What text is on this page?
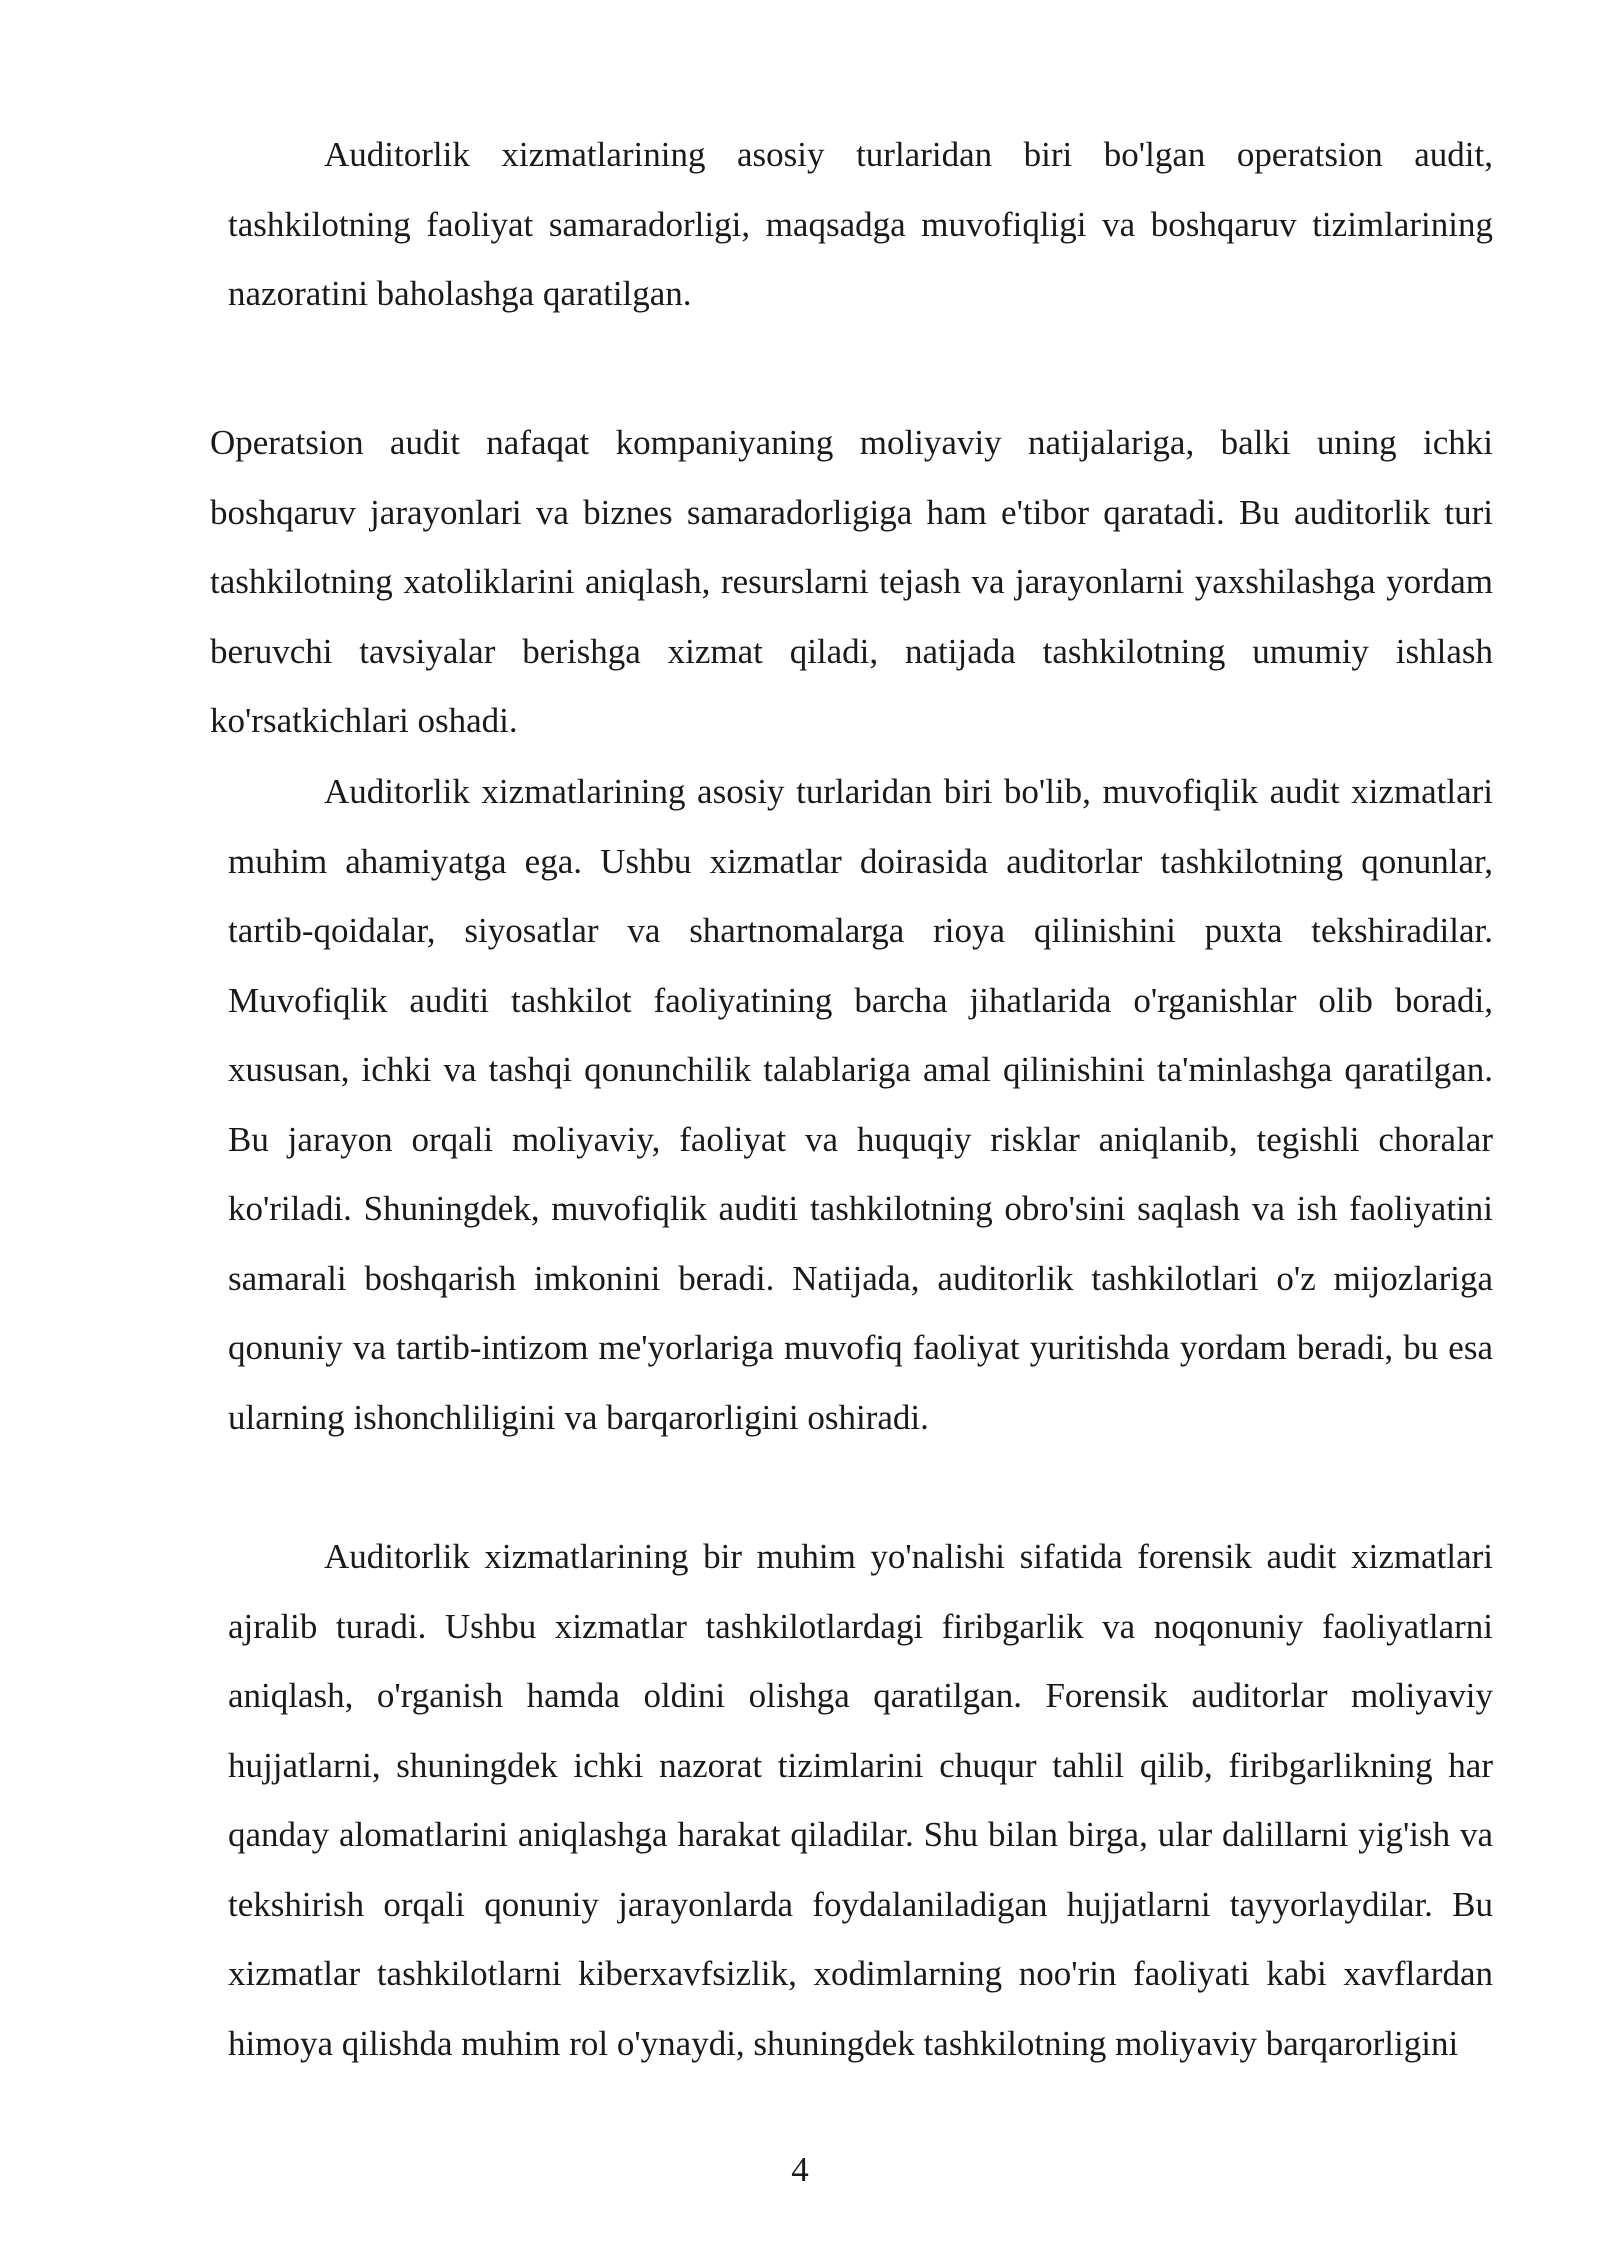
Auditorlik xizmatlarining asosiy turlaridan biri bo'lgan operatsion audit, tashkilotning faoliyat samaradorligi, maqsadga muvofiqligi va boshqaruv tizimlarining nazoratini baholashga qaratilgan.

Operatsion audit nafaqat kompaniyaning moliyaviy natijalariga, balki uning ichki boshqaruv jarayonlari va biznes samaradorligiga ham e'tibor qaratadi. Bu auditorlik turi tashkilotning xatoliklarini aniqlash, resurslarni tejash va jarayonlarni yaxshilashga yordam beruvchi tavsiyalar berishga xizmat qiladi, natijada tashkilotning umumiy ishlash ko'rsatkichlari oshadi.

Auditorlik xizmatlarining asosiy turlaridan biri bo'lib, muvofiqlik audit xizmatlari muhim ahamiyatga ega. Ushbu xizmatlar doirasida auditorlar tashkilotning qonunlar, tartib-qoidalar, siyosatlar va shartnomalarga rioya qilinishini puxta tekshiradilar. Muvofiqlik auditi tashkilot faoliyatining barcha jihatlarida o'rganishlar olib boradi, xususan, ichki va tashqi qonunchilik talablariga amal qilinishini ta'minlashga qaratilgan. Bu jarayon orqali moliyaviy, faoliyat va huquqiy risklar aniqlanib, tegishli choralar ko'riladi. Shuningdek, muvofiqlik auditi tashkilotning obro'sini saqlash va ish faoliyatini samarali boshqarish imkonini beradi. Natijada, auditorlik tashkilotlari o'z mijozlariga qonuniy va tartib-intizom me'yorlariga muvofiq faoliyat yuritishda yordam beradi, bu esa ularning ishonchliligini va barqarorligini oshiradi.

Auditorlik xizmatlarining bir muhim yo'nalishi sifatida forensik audit xizmatlari ajralib turadi. Ushbu xizmatlar tashkilotlardagi firibgarlik va noqonuniy faoliyatlarni aniqlash, o'rganish hamda oldini olishga qaratilgan. Forensik auditorlar moliyaviy hujjatlarni, shuningdek ichki nazorat tizimlarini chuqur tahlil qilib, firibgarlikning har qanday alomatlarini aniqlashga harakat qiladilar. Shu bilan birga, ular dalillarni yig'ish va tekshirish orqali qonuniy jarayonlarda foydalaniladigan hujjatlarni tayyorlaydilar. Bu xizmatlar tashkilotlarni kiberxavfsizlik, xodimlarning noo'rin faoliyati kabi xavflardan himoya qilishda muhim rol o'ynaydi, shuningdek tashkilotning moliyaviy barqarorligini

4
